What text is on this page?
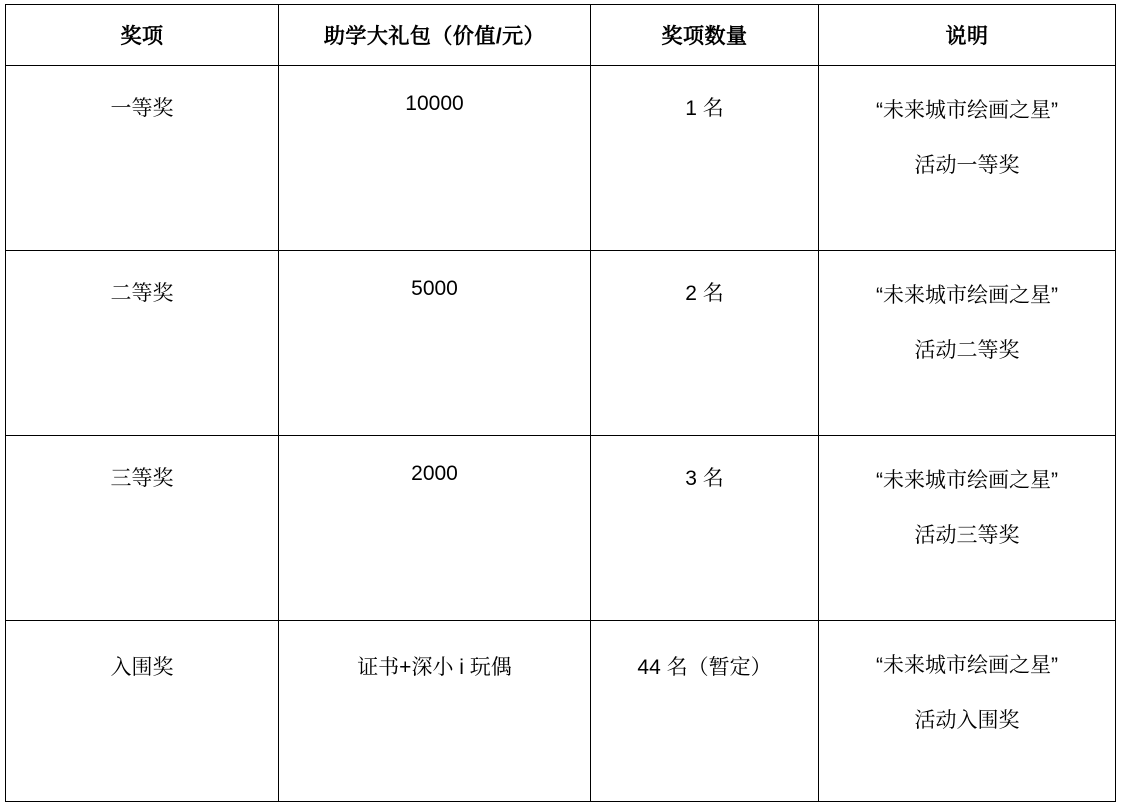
奖项	助学大礼包（价值/元）	奖项数量	说明

一等奖	10000	1 名	“未来城市绘画之星”
活动一等奖

二等奖	5000	2 名	“未来城市绘画之星”
活动二等奖

三等奖	2000	3 名	“未来城市绘画之星”
活动三等奖

入围奖	证书+深小 i 玩偶	44 名（暂定）	“未来城市绘画之星”
活动入围奖
